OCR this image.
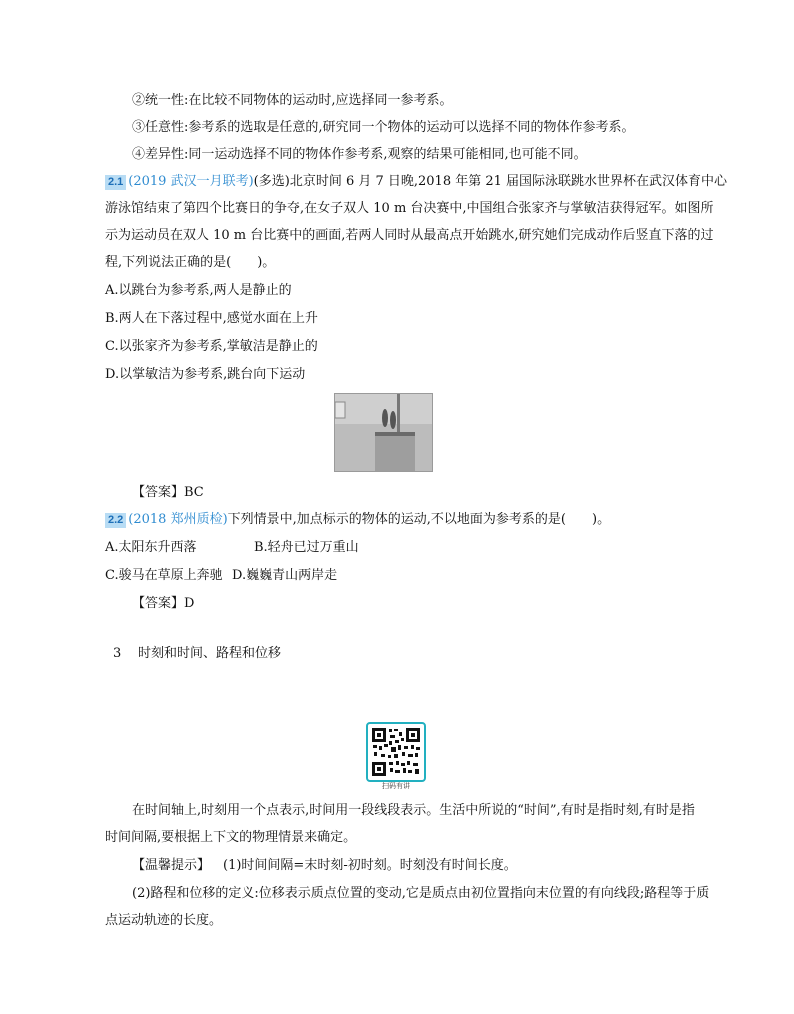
②统一性:在比较不同物体的运动时,应选择同一参考系。
③任意性:参考系的选取是任意的,研究同一个物体的运动可以选择不同的物体作参考系。
④差异性:同一运动选择不同的物体作参考系,观察的结果可能相同,也可能不同。
2.1 (2019 武汉一月联考)(多选)北京时间 6 月 7 日晚,2018 年第 21 届国际泳联跳水世界杯在武汉体育中心
游泳馆结束了第四个比赛日的争夺,在女子双人 10 m 台决赛中,中国组合张家齐与掌敏洁获得冠军。如图所
示为运动员在双人 10 m 台比赛中的画面,若两人同时从最高点开始跳水,研究她们完成动作后竖直下落的过
程,下列说法正确的是(　　)。
A.以跳台为参考系,两人是静止的
B.两人在下落过程中,感觉水面在上升
C.以张家齐为参考系,掌敏洁是静止的
D.以掌敏洁为参考系,跳台向下运动
【答案】BC
2.2 (2018 郑州质检)下列情景中,加点标示的物体的运动,不以地面为参考系的是(　　)。
A.太阳东升西落	B.轻舟已过万重山
C.骏马在草原上奔驰 D.巍巍青山两岸走
【答案】D
3 时刻和时间、路程和位移
扫码有讲
在时间轴上,时刻用一个点表示,时间用一段线段表示。生活中所说的“时间”,有时是指时刻,有时是指
时间间隔,要根据上下文的物理情景来确定。
【温馨提示】  (1)时间间隔=末时刻-初时刻。时刻没有时间长度。
(2)路程和位移的定义:位移表示质点位置的变动,它是质点由初位置指向末位置的有向线段;路程等于质
点运动轨迹的长度。
